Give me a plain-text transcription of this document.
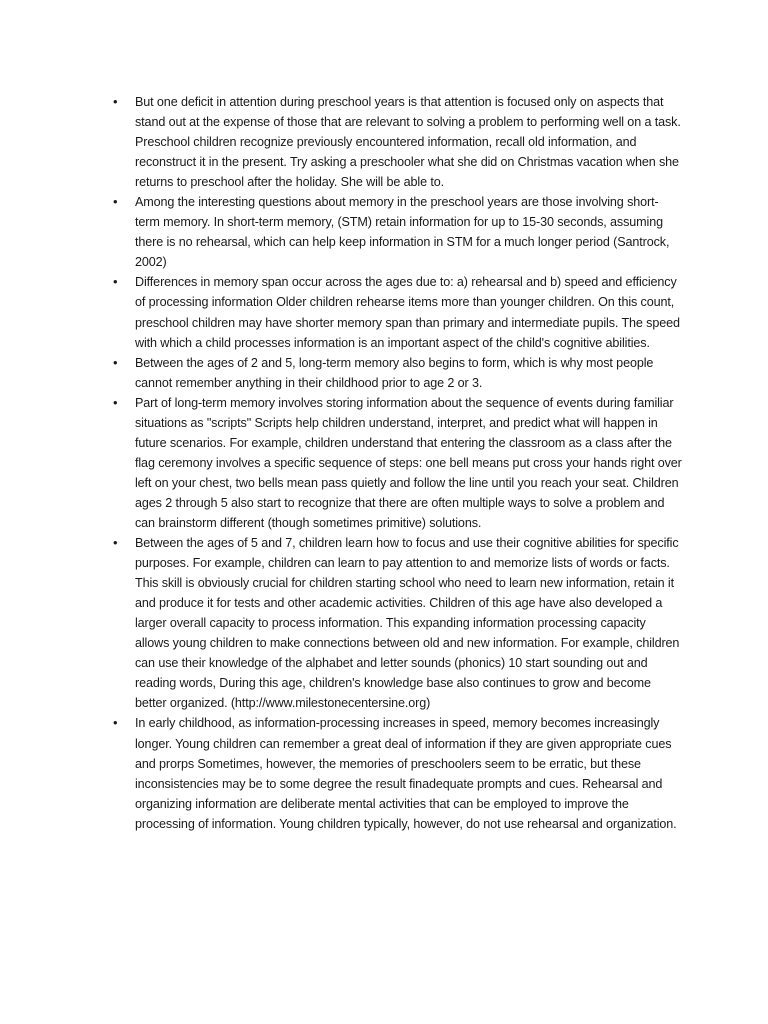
•	But one deficit in attention during preschool years is that attention is focused only on aspects that stand out at the expense of those that are relevant to solving a problem to performing well on a task. Preschool children recognize previously encountered information, recall old information, and reconstruct it in the present. Try asking a preschooler what she did on Christmas vacation when she returns to preschool after the holiday. She will be able to.
•	Among the interesting questions about memory in the preschool years are those involving short-term memory. In short-term memory, (STM) retain information for up to 15-30 seconds, assuming there is no rehearsal, which can help keep information in STM for a much longer period (Santrock, 2002)
•	Differences in memory span occur across the ages due to: a) rehearsal and b) speed and efficiency of processing information Older children rehearse items more than younger children. On this count, preschool children may have shorter memory span than primary and intermediate pupils. The speed with which a child processes information is an important aspect of the child's cognitive abilities.
•	Between the ages of 2 and 5, long-term memory also begins to form, which is why most people cannot remember anything in their childhood prior to age 2 or 3.
•	Part of long-term memory involves storing information about the sequence of events during familiar situations as "scripts" Scripts help children understand, interpret, and predict what will happen in future scenarios. For example, children understand that entering the classroom as a class after the flag ceremony involves a specific sequence of steps: one bell means put cross your hands right over left on your chest, two bells mean pass quietly and follow the line until you reach your seat. Children ages 2 through 5 also start to recognize that there are often multiple ways to solve a problem and can brainstorm different (though sometimes primitive) solutions.
•	Between the ages of 5 and 7, children learn how to focus and use their cognitive abilities for specific purposes. For example, children can learn to pay attention to and memorize lists of words or facts. This skill is obviously crucial for children starting school who need to learn new information, retain it and produce it for tests and other academic activities. Children of this age have also developed a larger overall capacity to process information. This expanding information processing capacity allows young children to make connections between old and new information. For example, children can use their knowledge of the alphabet and letter sounds (phonics) 10 start sounding out and reading words, During this age, children's knowledge base also continues to grow and become better organized. (http://www.milestonecentersine.org)
•	In early childhood, as information-processing increases in speed, memory becomes increasingly longer. Young children can remember a great deal of information if they are given appropriate cues and prorps Sometimes, however, the memories of preschoolers seem to be erratic, but these inconsistencies may be to some degree the result finadequate prompts and cues. Rehearsal and organizing information are deliberate mental activities that can be employed to improve the processing of information. Young children typically, however, do not use rehearsal and organization.
